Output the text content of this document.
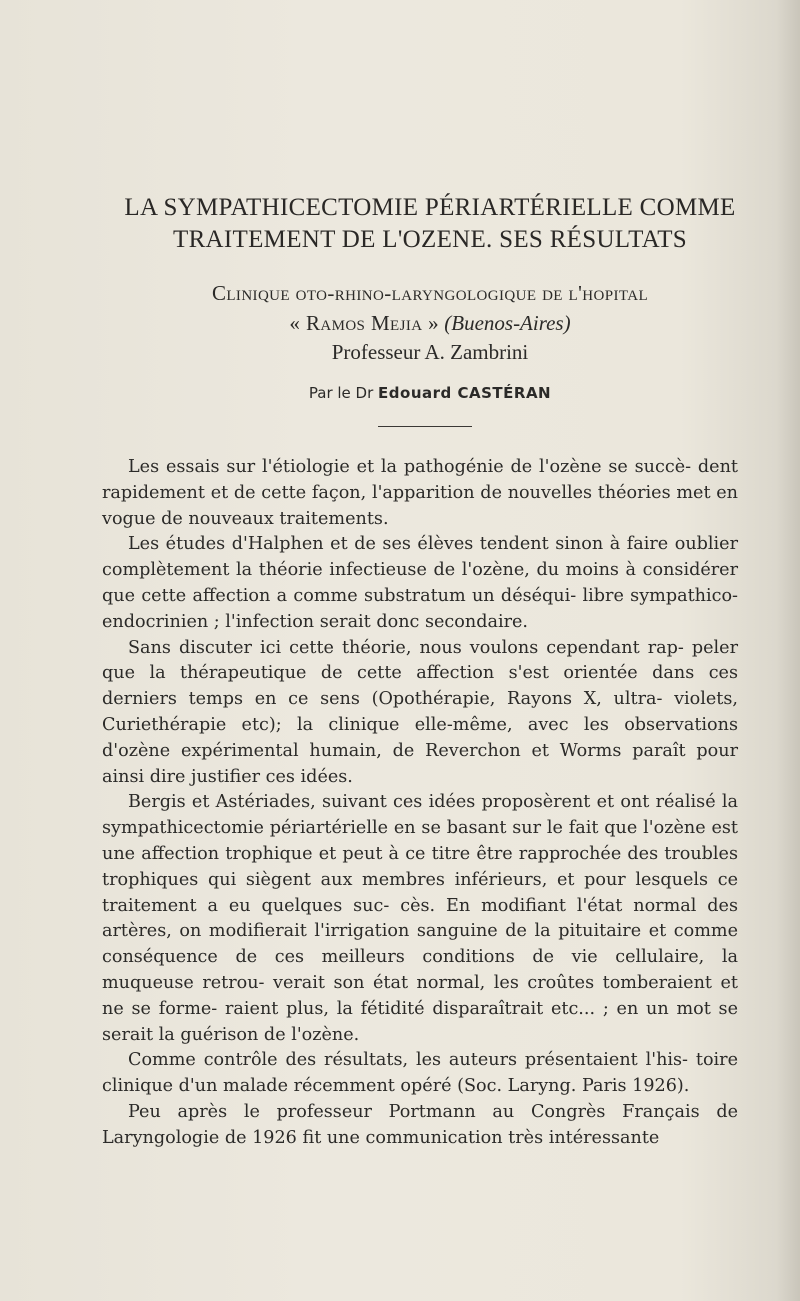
LA SYMPATHICECTOMIE PÉRIARTÉRIELLE COMME
TRAITEMENT DE L'OZENE. SES RÉSULTATS
Clinique oto-rhino-laryngologique de l'hopital
« Ramos Mejia » (Buenos-Aires)
Professeur A. Zambrini
Par le Dr Edouard CASTÉRAN

Les essais sur l'étiologie et la pathogénie de l'ozène se succè- dent rapidement et de cette façon, l'apparition de nouvelles théories met en vogue de nouveaux traitements.

Les études d'Halphen et de ses élèves tendent sinon à faire oublier complètement la théorie infectieuse de l'ozène, du moins à considérer que cette affection a comme substratum un déséqui- libre sympathico-endocrinien ; l'infection serait donc secondaire.

Sans discuter ici cette théorie, nous voulons cependant rap- peler que la thérapeutique de cette affection s'est orientée dans ces derniers temps en ce sens (Opothérapie, Rayons X, ultra- violets, Curiethérapie etc); la clinique elle-même, avec les observations d'ozène expérimental humain, de Reverchon et Worms paraît pour ainsi dire justifier ces idées.

Bergis et Astériades, suivant ces idées proposèrent et ont réalisé la sympathicectomie périartérielle en se basant sur le fait que l'ozène est une affection trophique et peut à ce titre être rapprochée des troubles trophiques qui siègent aux membres inférieurs, et pour lesquels ce traitement a eu quelques suc- cès. En modifiant l'état normal des artères, on modifierait l'irrigation sanguine de la pituitaire et comme conséquence de ces meilleurs conditions de vie cellulaire, la muqueuse retrou- verait son état normal, les croûtes tomberaient et ne se forme- raient plus, la fétidité disparaîtrait etc... ; en un mot se serait la guérison de l'ozène.

Comme contrôle des résultats, les auteurs présentaient l'his- toire clinique d'un malade récemment opéré (Soc. Laryng. Paris 1926).

Peu après le professeur Portmann au Congrès Français de Laryngologie de 1926 fit une communication très intéressante
